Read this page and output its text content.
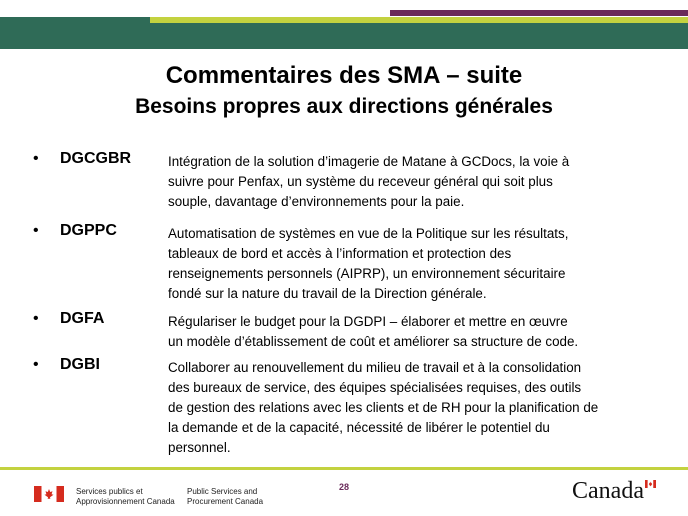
Commentaires des SMA – suite
Besoins propres aux directions générales
• DGCGBR	Intégration de la solution d’imagerie de Matane à GCDocs, la voie à
suivre pour Penfax, un système du receveur général qui soit plus
souple, davantage d’environnements pour la paie.
• DGPPC	Automatisation de systèmes en vue de la Politique sur les résultats,
tableaux de bord et accès à l’information et protection des
renseignements personnels (AIPRP), un environnement sécuritaire
fondé sur la nature du travail de la Direction générale.
• DGFA	Régulariser le budget pour la DGDPI – élaborer et mettre en œuvre
un modèle d’établissement de coût et améliorer sa structure de code.
• DGBI	Collaborer au renouvellement du milieu de travail et à la consolidation
des bureaux de service, des équipes spécialisées requises, des outils
de gestion des relations avec les clients et de RH pour la planification de
la demande et de la capacité, nécessité de libérer le potentiel du
personnel.
Services publics et
Approvisionnement Canada
Public Services and
Procurement Canada
28	Canada
